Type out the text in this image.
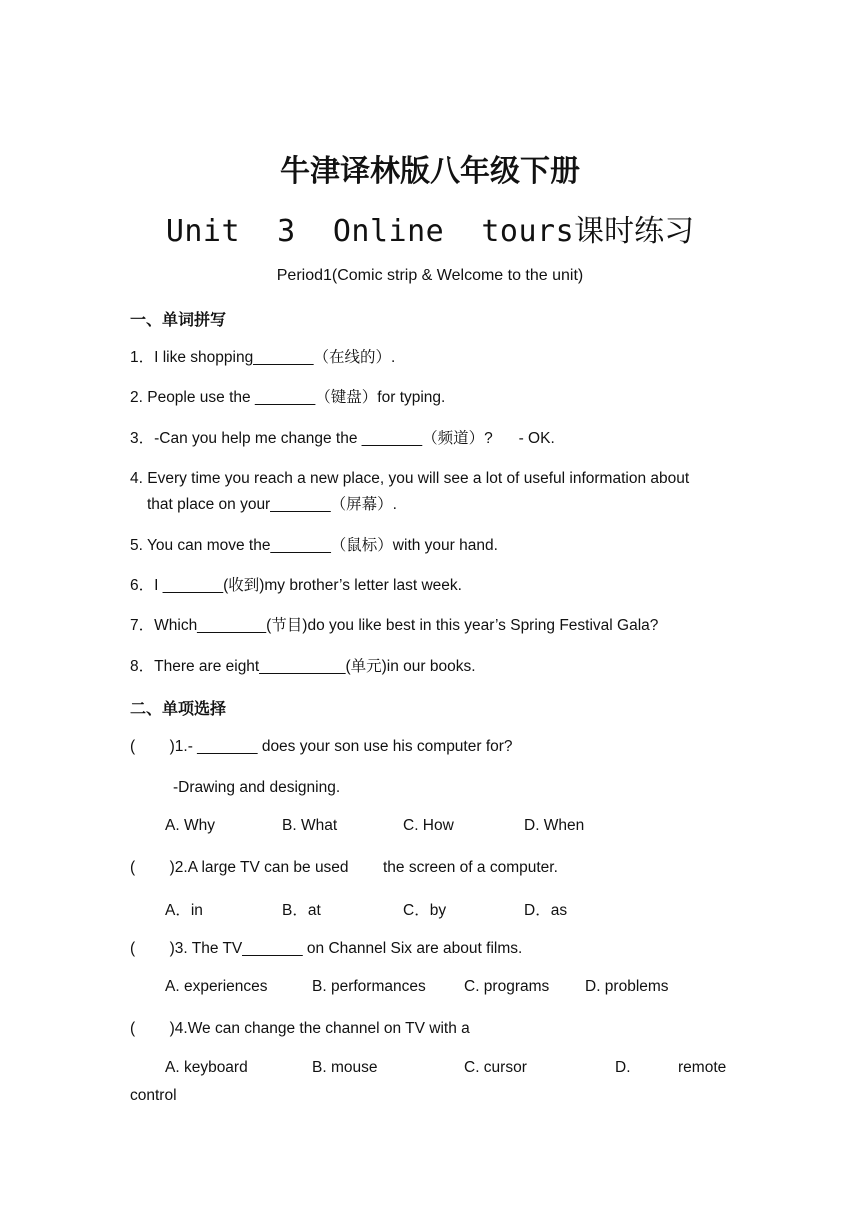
牛津译林版八年级下册
Unit  3  Online  tours课时练习
Period1(Comic strip & Welcome to the unit)
一、单词拼写
1．I like shopping_______（在线的）.
2. People use the _______（键盘）for typing.
3．-Can you help me change the _______（频道）?      - OK.
4. Every time you reach a new place, you will see a lot of useful information about
that place on your_______（屏幕）.
5. You can move the_______（鼠标）with your hand.
6．I _______(收到)my brother’s letter last week.
7．Which________(节目)do you like best in this year’s Spring Festival Gala?
8．There are eight__________(单元)in our books.
二、单项选择
(        )1.- _______ does your son use his computer for?
-Drawing and designing.

A. Why

	B. What

	C. How

	D. When

(        )2.A large TV can be used        the screen of a computer.

A．in

	B．at

	C．by

	D．as

(        )3. The TV_______ on Channel Six are about films.

A. experiences

	B. performances

C. programs

D. problems

(        )4.We can change the channel on TV with a

A. keyboard

	B. mouse

	C. cursor

	D.

	remote

control
